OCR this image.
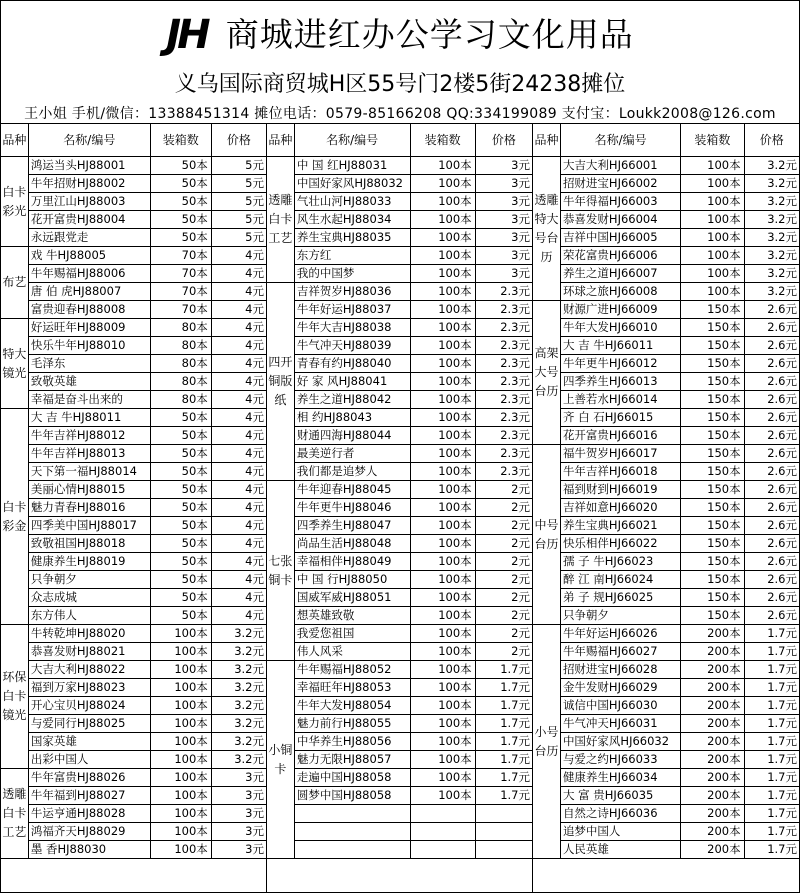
JH 商城进红办公学习文化用品
义乌国际商贸城H区55号门2楼5街24238摊位
王小姐 手机/微信：13388451314 摊位电话：0579-85166208 QQ:334199089 支付宝：Loukk2008@126.com
品种	名称/编号	装箱数	价格
白卡彩光	鸿运当头HJ88001	50本	5元
	牛年招财HJ88002	50本	5元
	万里江山HJ88003	50本	5元
	花开富贵HJ88004	50本	5元
	永远跟党走	50本	5元
布艺	戏 牛HJ88005	70本	4元
	牛年赐福HJ88006	70本	4元
	唐 伯 虎HJ88007	70本	4元
	富贵迎春HJ88008	70本	4元
特大镜光	好运旺年HJ88009	80本	4元
	快乐牛年HJ88010	80本	4元
	毛泽东	80本	4元
	致敬英雄	80本	4元
	幸福是奋斗出来的	80本	4元
白卡彩金	大 吉 牛HJ88011	50本	4元
	牛年吉祥HJ88012	50本	4元
	牛年吉祥HJ88013	50本	4元
	天下第一福HJ88014	50本	4元
	美丽心情HJ88015	50本	4元
	魅力青春HJ88016	50本	4元
	四季美中国HJ88017	50本	4元
	致敬祖国HJ88018	50本	4元
	健康养生HJ88019	50本	4元
	只争朝夕	50本	4元
	众志成城	50本	4元
	东方伟人	50本	4元
环保白卡镜光	牛转乾坤HJ88020	100本	3.2元
	恭喜发财HJ88021	100本	3.2元
	大吉大利HJ88022	100本	3.2元
	福到万家HJ88023	100本	3.2元
	开心宝贝HJ88024	100本	3.2元
	与爱同行HJ88025	100本	3.2元
	国家英雄	100本	3.2元
	出彩中国人	100本	3.2元
透雕白卡工艺	牛年富贵HJ88026	100本	3元
	牛年福到HJ88027	100本	3元
	牛运亨通HJ88028	100本	3元
	鸿福齐天HJ88029	100本	3元
	墨 香HJ88030	100本	3元
品种	名称/编号	装箱数	价格
透雕白卡工艺	中 国 红HJ88031	100本	3元
	中国好家风HJ88032	100本	3元
	气壮山河HJ88033	100本	3元
	风生水起HJ88034	100本	3元
	养生宝典HJ88035	100本	3元
	东方红	100本	3元
	我的中国梦	100本	3元
四开铜版纸	吉祥贺岁HJ88036	100本	2.3元
	牛年好运HJ88037	100本	2.3元
	牛年大吉HJ88038	100本	2.3元
	牛气冲天HJ88039	100本	2.3元
	青春有约HJ88040	100本	2.3元
	好 家 风HJ88041	100本	2.3元
	养生之道HJ88042	100本	2.3元
	相 约HJ88043	100本	2.3元
	财通四海HJ88044	100本	2.3元
	最美逆行者	100本	2.3元
	我们都是追梦人	100本	2.3元
七张铜卡	牛年迎春HJ88045	100本	2元
	牛年更牛HJ88046	100本	2元
	四季养生HJ88047	100本	2元
	尚品生活HJ88048	100本	2元
	幸福相伴HJ88049	100本	2元
	中 国 行HJ88050	100本	2元
	国威军威HJ88051	100本	2元
	想英雄致敬	100本	2元
	我爱您祖国	100本	2元
	伟人风采	100本	2元
小铜卡	牛年赐福HJ88052	100本	1.7元
	幸福旺年HJ88053	100本	1.7元
	牛年大发HJ88054	100本	1.7元
	魅力前行HJ88055	100本	1.7元
	中华养生HJ88056	100本	1.7元
	魅力无限HJ88057	100本	1.7元
	走遍中国HJ88058	100本	1.7元
	圆梦中国HJ88058	100本	1.7元

品种	名称/编号	装箱数	价格
透雕特大号台历	大吉大利HJ66001	100本	3.2元
	招财进宝HJ66002	100本	3.2元
	牛年得福HJ66003	100本	3.2元
	恭喜发财HJ66004	100本	3.2元
	吉祥中国HJ66005	100本	3.2元
	荣花富贵HJ66006	100本	3.2元
	养生之道HJ66007	100本	3.2元
	环球之旅HJ66008	100本	3.2元
高架大号台历	财源广进HJ66009	150本	2.6元
	牛年大发HJ66010	150本	2.6元
	大 吉 牛HJ66011	150本	2.6元
	牛年更牛HJ66012	150本	2.6元
	四季养生HJ66013	150本	2.6元
	上善若水HJ66014	150本	2.6元
	齐 白 石HJ66015	150本	2.6元
	花开富贵HJ66016	150本	2.6元
中号台历	福牛贺岁HJ66017	150本	2.6元
	牛年吉祥HJ66018	150本	2.6元
	福到财到HJ66019	150本	2.6元
	吉祥如意HJ66020	150本	2.6元
	养生宝典HJ66021	150本	2.6元
	快乐相伴HJ66022	150本	2.6元
	孺 子 牛HJ66023	150本	2.6元
	醉 江 南HJ66024	150本	2.6元
	弟 子 规HJ66025	150本	2.6元
	只争朝夕	150本	2.6元
小号台历	牛年好运HJ66026	200本	1.7元
	牛年赐福HJ66027	200本	1.7元
	招财进宝HJ66028	200本	1.7元
	金牛发财HJ66029	200本	1.7元
	诚信中国HJ66030	200本	1.7元
	牛气冲天HJ66031	200本	1.7元
	中国好家风HJ66032	200本	1.7元
	与爱之约HJ66033	200本	1.7元
	健康养生HJ66034	200本	1.7元
	大 富 贵HJ66035	200本	1.7元
	自然之诗HJ66036	200本	1.7元
	追梦中国人	200本	1.7元
	人民英雄	200本	1.7元
